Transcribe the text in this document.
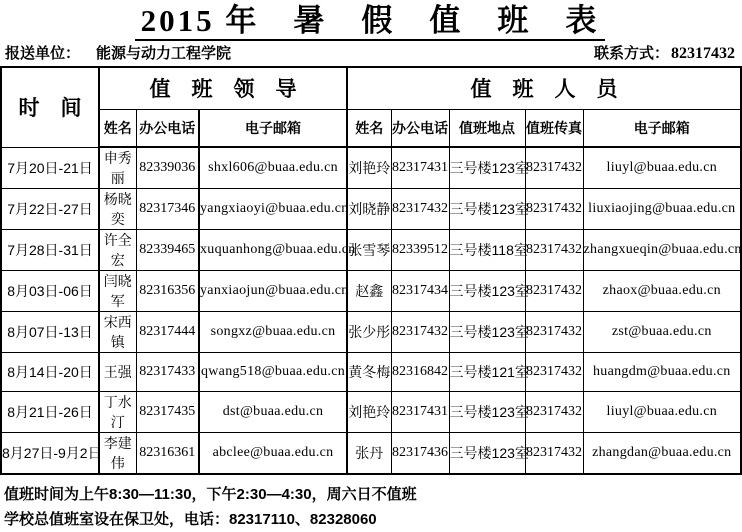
2015 年　暑　假　值　班　表
报送单位： 能源与动力工程学院	联系方式： 82317432
时　间	值　班　领　导			值　班　人　员				
	姓名	办公电话	电子邮箱	姓名	办公电话	值班地点	值班传真	电子邮箱
7月20日-21日	申秀丽	82339036	shxl606@buaa.edu.cn	刘艳玲	82317431	三号楼123室	82317432	liuyl@buaa.edu.cn
7月22日-27日	杨晓奕	82317346	yangxiaoyi@buaa.edu.cn	刘晓静	82317432	三号楼123室	82317432	liuxiaojing@buaa.edu.cn
7月28日-31日	许全宏	82339465	xuquanhong@buaa.edu.cn	张雪琴	82339512	三号楼118室	82317432	zhangxueqin@buaa.edu.cn
8月03日-06日	闫晓军	82316356	yanxiaojun@buaa.edu.cn	赵鑫	82317434	三号楼123室	82317432	zhaox@buaa.edu.cn
8月07日-13日	宋西镇	82317444	songxz@buaa.edu.cn	张少彤	82317432	三号楼123室	82317432	zst@buaa.edu.cn
8月14日-20日	王强	82317433	qwang518@buaa.edu.cn	黄冬梅	82316842	三号楼121室	82317432	huangdm@buaa.edu.cn
8月21日-26日	丁水汀	82317435	dst@buaa.edu.cn	刘艳玲	82317431	三号楼123室	82317432	liuyl@buaa.edu.cn
8月27日-9月2日	李建伟	82316361	abclee@buaa.edu.cn	张丹	82317436	三号楼123室	82317432	zhangdan@buaa.edu.cn
值班时间为上午8:30—11:30，下午2:30—4:30，周六日不值班
学校总值班室设在保卫处，电话：82317110、82328060
